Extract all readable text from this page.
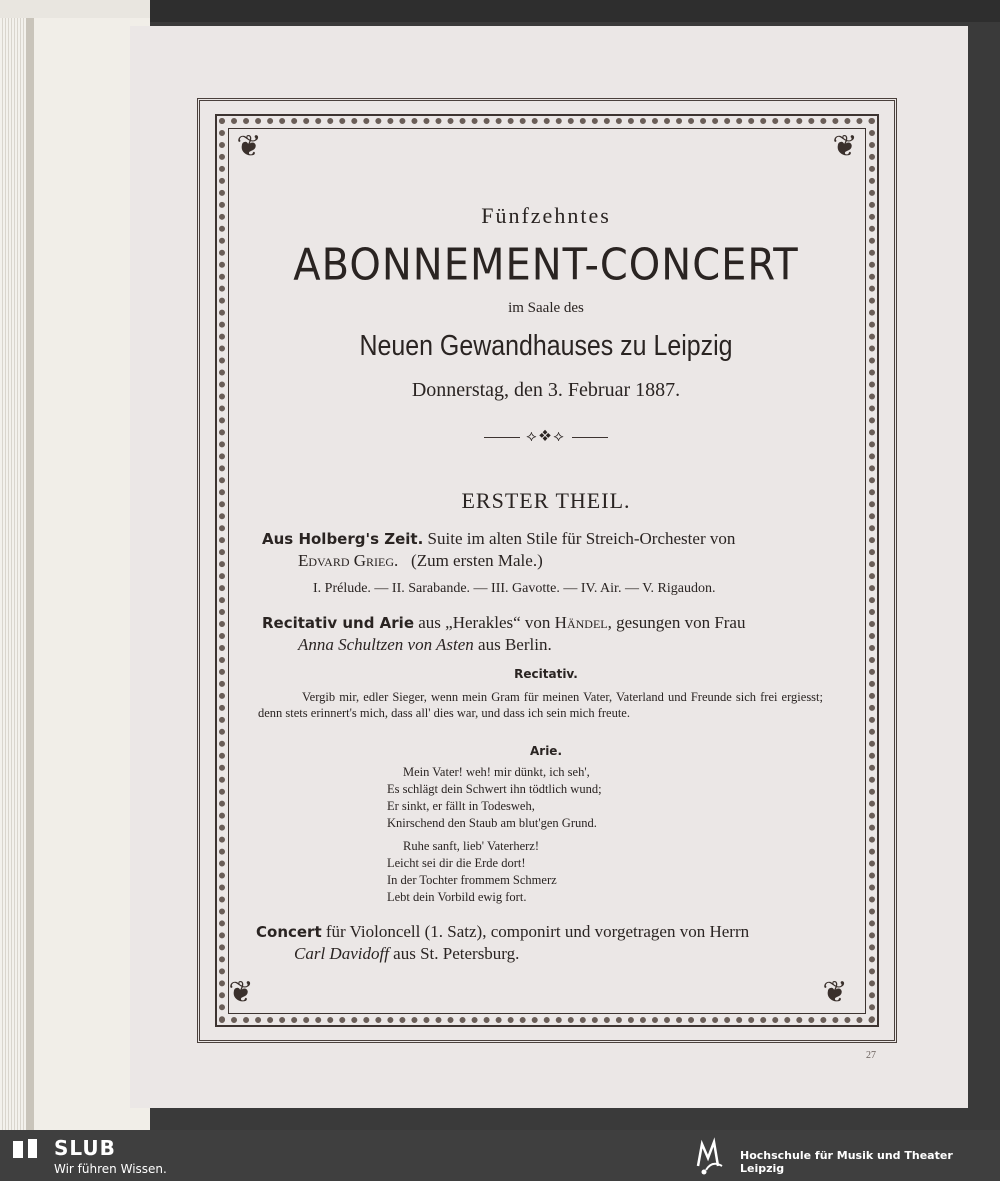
❦	❦
❦	❦
Fünfzehntes
ABONNEMENT-CONCERT
im Saale des
Neuen Gewandhauses zu Leipzig
Donnerstag, den 3. Februar 1887.
⟡❖⟡
ERSTER THEIL.
Aus Holberg's Zeit. Suite im alten Stile für Streich-Orchester von
Edvard Grieg. (Zum ersten Male.)
I. Prélude. — II. Sarabande. — III. Gavotte. — IV. Air. — V. Rigaudon.
Recitativ und Arie aus „Herakles“ von Händel, gesungen von Frau
Anna Schultzen von Asten aus Berlin.
Recitativ.
Vergib mir, edler Sieger, wenn mein Gram für meinen Vater, Vaterland und Freunde sich frei ergiesst; denn stets erinnert's mich, dass all' dies war, und dass ich sein mich freute.
Arie.
Mein Vater! weh! mir dünkt, ich seh',
Es schlägt dein Schwert ihn tödtlich wund;
Er sinkt, er fällt in Todesweh,
Knirschend den Staub am blut'gen Grund.
Ruhe sanft, lieb' Vaterherz!
Leicht sei dir die Erde dort!
In der Tochter frommem Schmerz
Lebt dein Vorbild ewig fort.
Concert für Violoncell (1. Satz), componirt und vorgetragen von Herrn
Carl Davidoff aus St. Petersburg.
27
SLUB
Wir führen Wissen.
Hochschule für Musik und Theater Leipzig
